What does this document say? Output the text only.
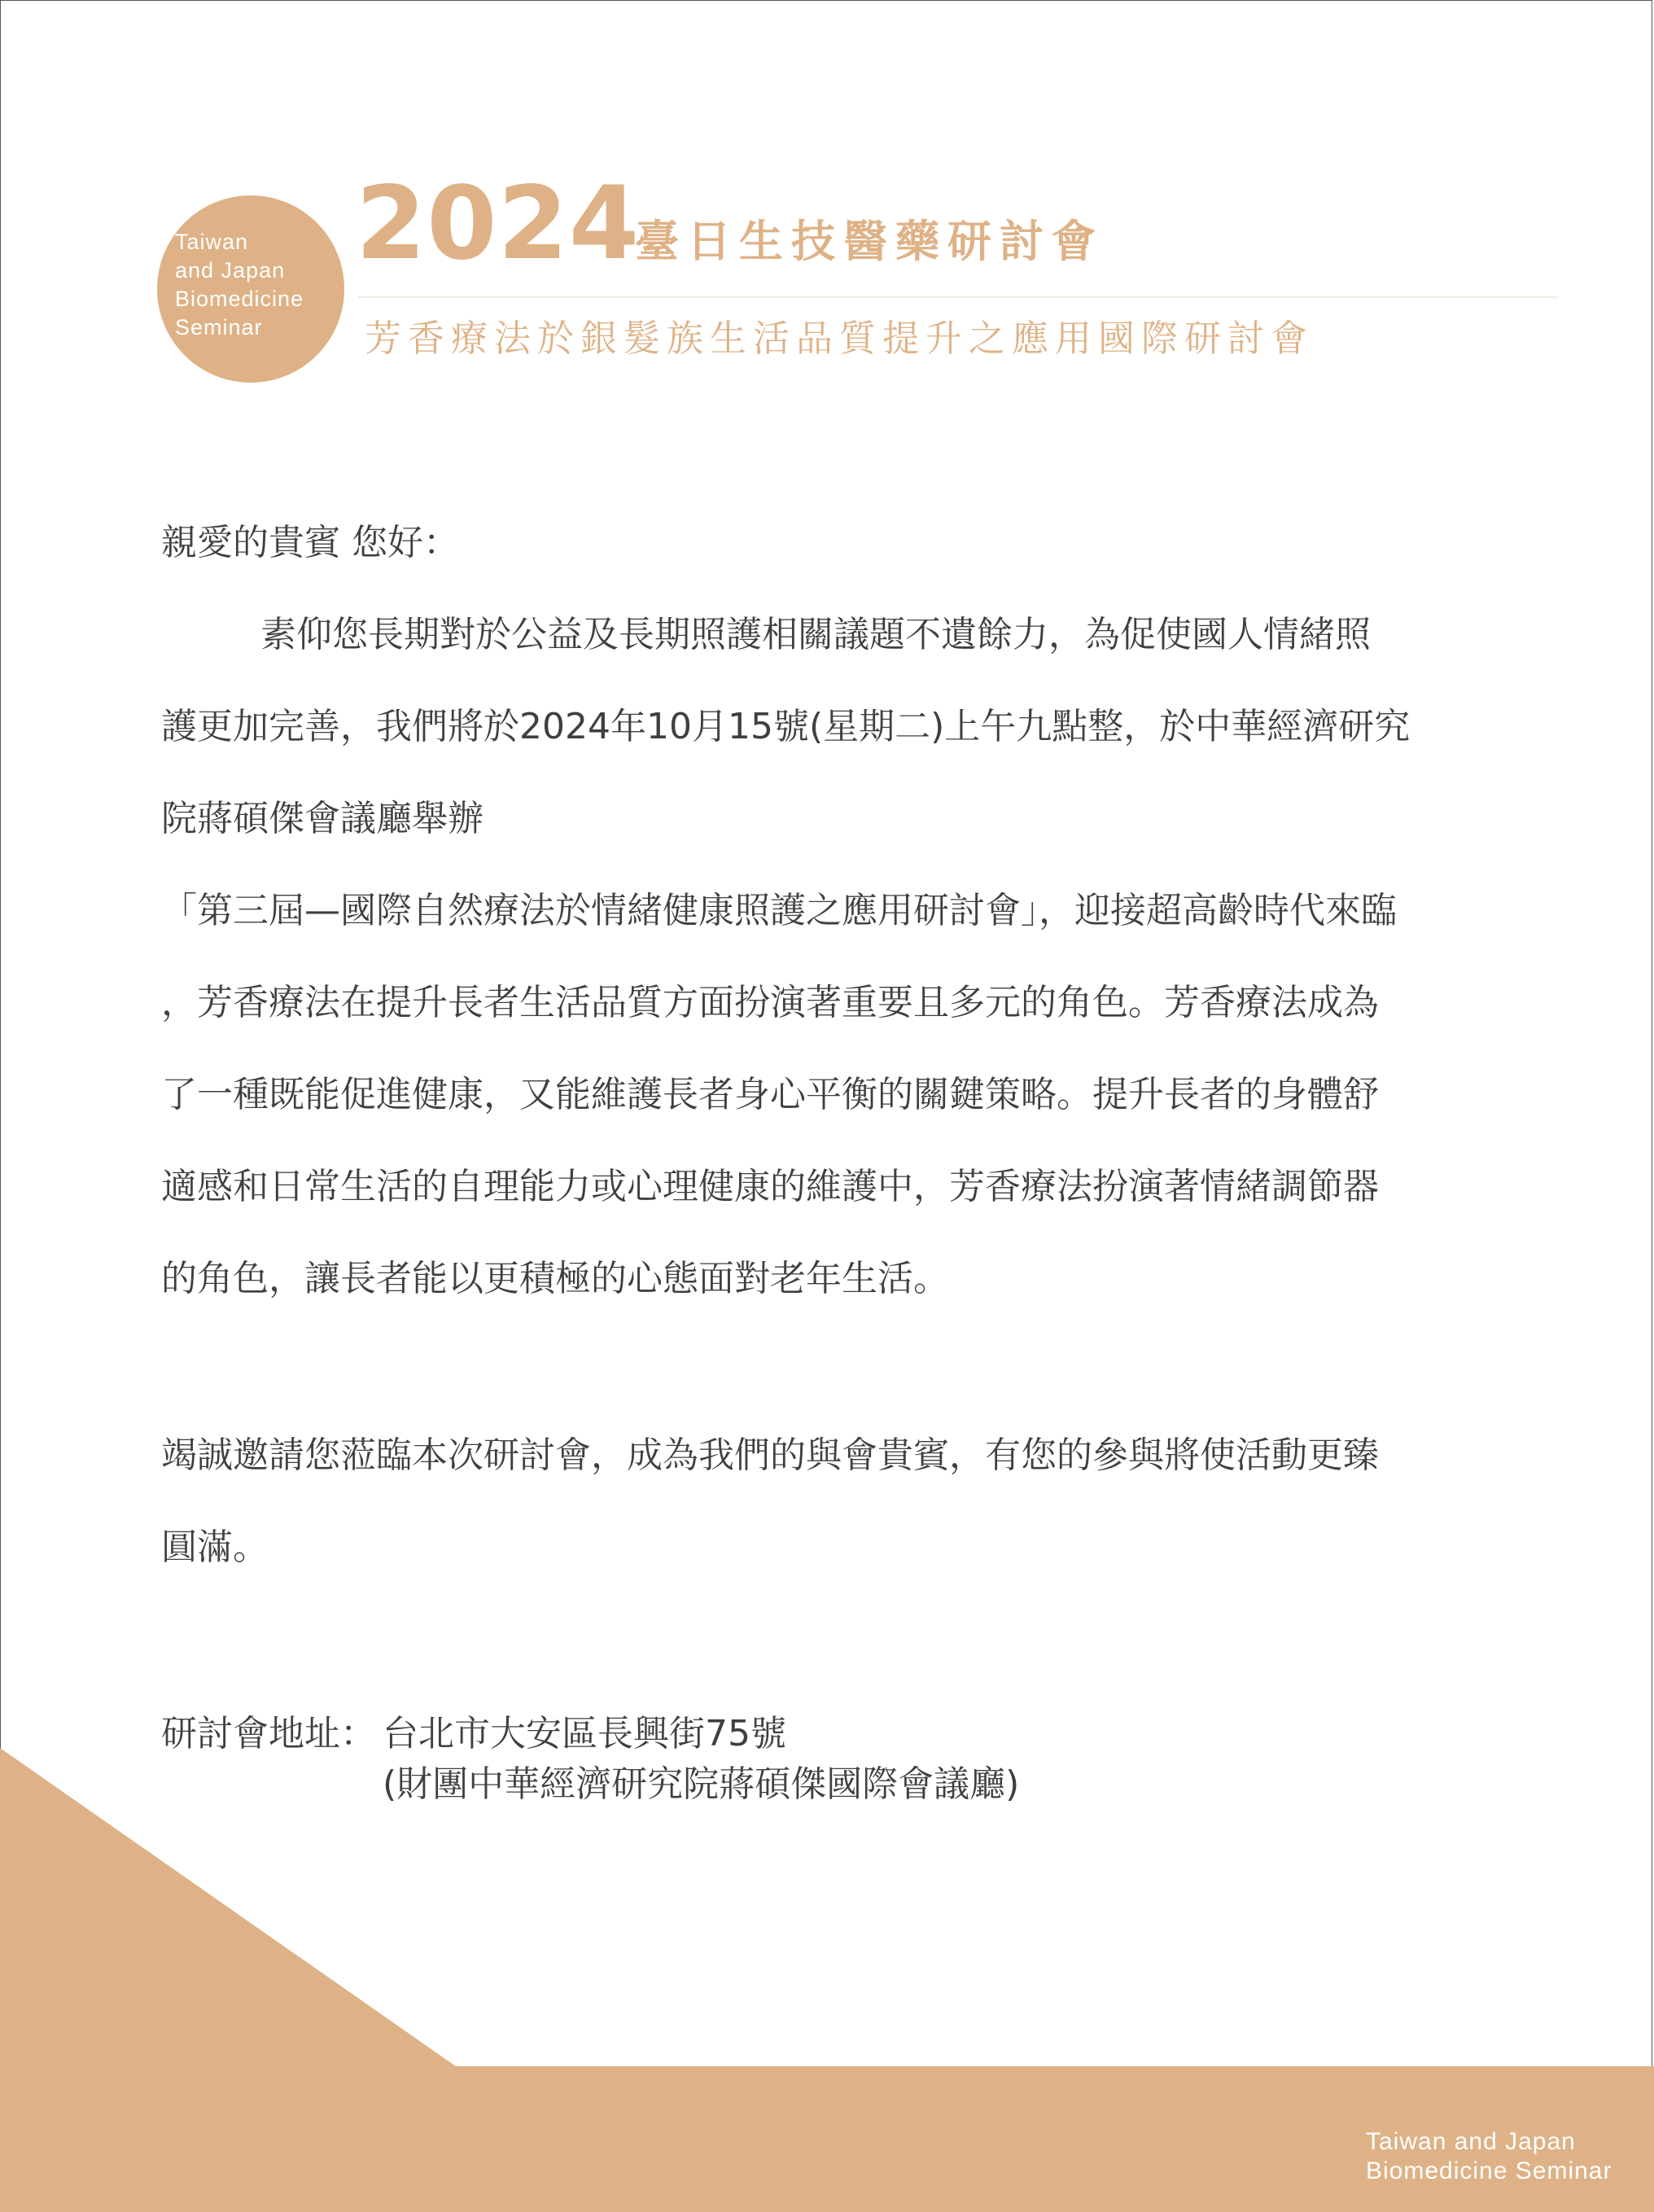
Taiwan
and Japan
Biomedicine
Seminar
2024
臺日生技醫藥研討會
芳香療法於銀髮族生活品質提升之應用國際研討會
親愛的貴賓 您好：
素仰您長期對於公益及長期照護相關議題不遺餘力，為促使國人情緒照
護更加完善，我們將於2024年10月15號(星期二)上午九點整，於中華經濟研究
院蔣碩傑會議廳舉辦
「第三屆—國際自然療法於情緒健康照護之應用研討會」，迎接超高齡時代來臨
，芳香療法在提升長者生活品質方面扮演著重要且多元的角色。芳香療法成為
了一種既能促進健康，又能維護長者身心平衡的關鍵策略。提升長者的身體舒
適感和日常生活的自理能力或心理健康的維護中，芳香療法扮演著情緒調節器
的角色，讓長者能以更積極的心態面對老年生活。
竭誠邀請您蒞臨本次研討會，成為我們的與會貴賓，有您的參與將使活動更臻
圓滿。
研討會地址： 台北市大安區長興街75號
(財團中華經濟研究院蔣碩傑國際會議廳)
Taiwan and Japan
Biomedicine Seminar
